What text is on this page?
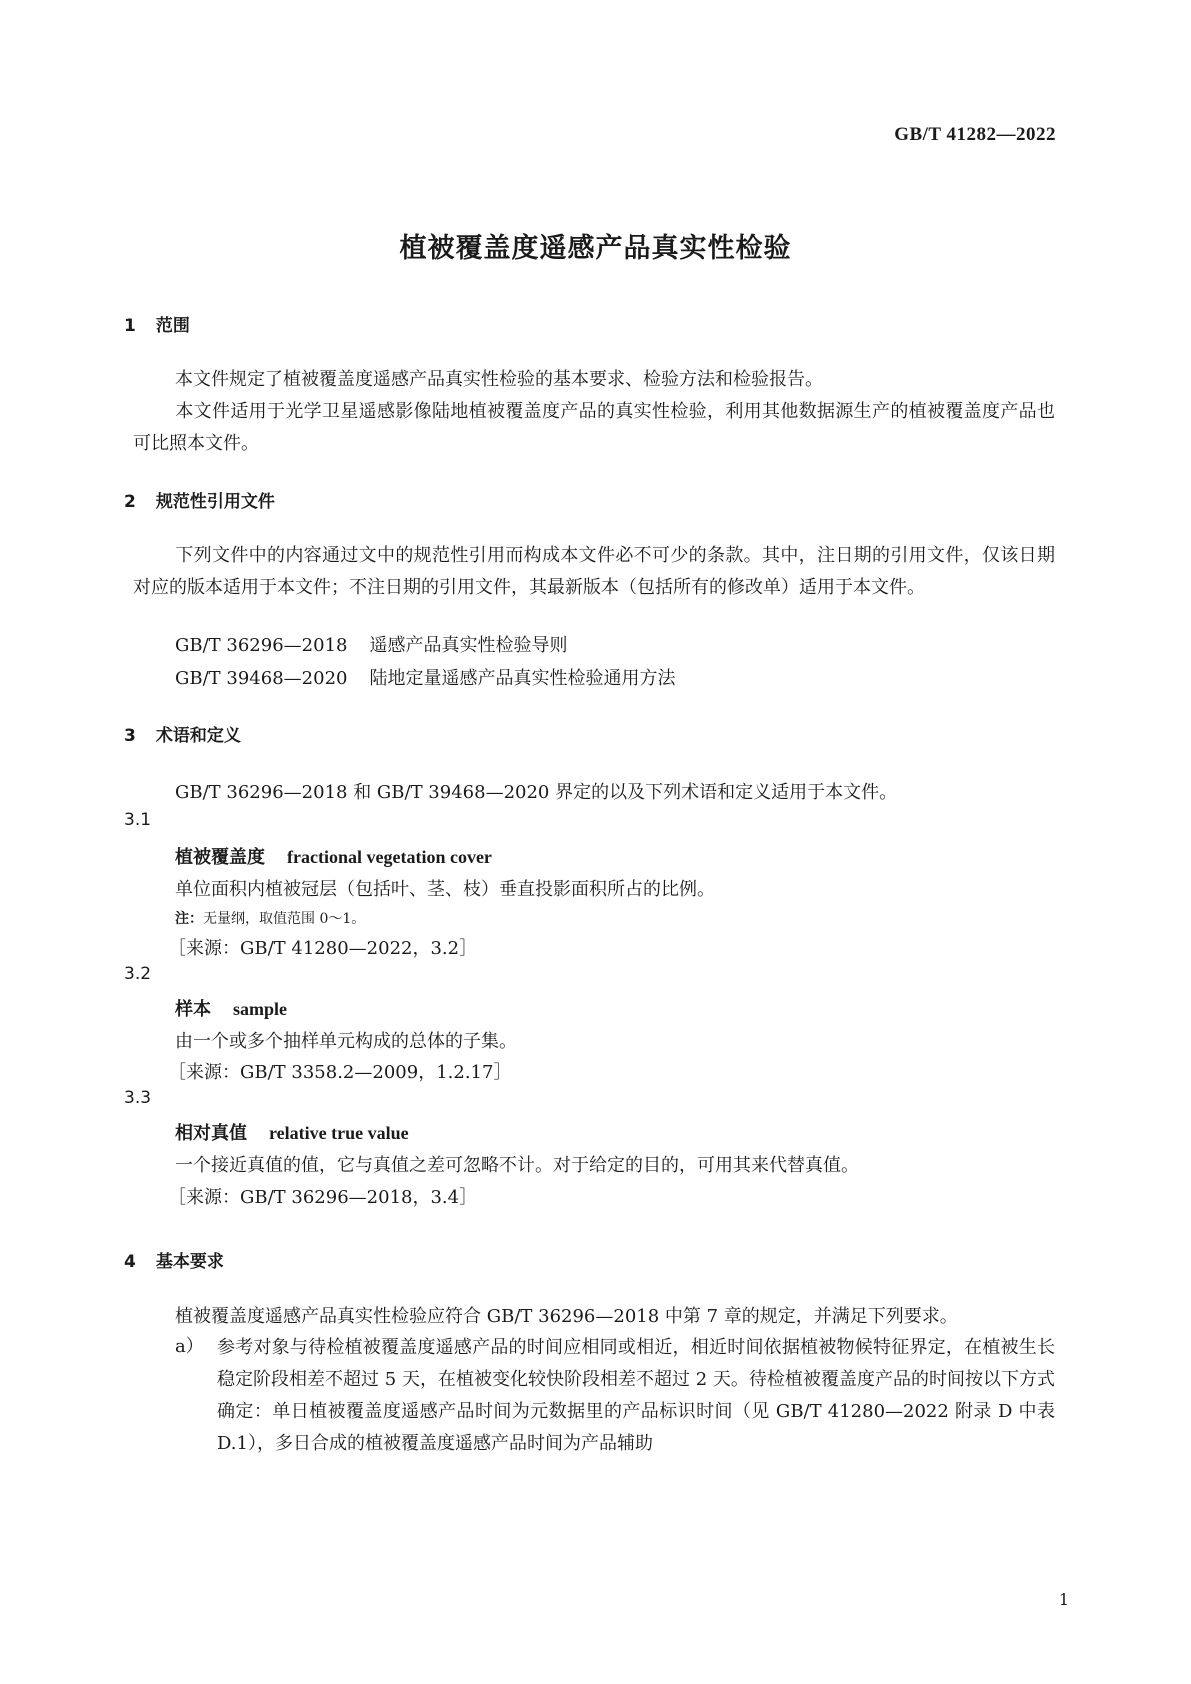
GB/T 41282—2022
植被覆盖度遥感产品真实性检验
1 范围
本文件规定了植被覆盖度遥感产品真实性检验的基本要求、检验方法和检验报告。
本文件适用于光学卫星遥感影像陆地植被覆盖度产品的真实性检验，利用其他数据源生产的植被覆盖度产品也可比照本文件。
2 规范性引用文件
下列文件中的内容通过文中的规范性引用而构成本文件必不可少的条款。其中，注日期的引用文件，仅该日期对应的版本适用于本文件；不注日期的引用文件，其最新版本（包括所有的修改单）适用于本文件。
GB/T 36296—2018 遥感产品真实性检验导则
GB/T 39468—2020 陆地定量遥感产品真实性检验通用方法
3 术语和定义
GB/T 36296—2018 和 GB/T 39468—2020 界定的以及下列术语和定义适用于本文件。
3.1
植被覆盖度 fractional vegetation cover
单位面积内植被冠层（包括叶、茎、枝）垂直投影面积所占的比例。
注：无量纲，取值范围 0～1。
［来源：GB/T 41280—2022，3.2］
3.2
样本 sample
由一个或多个抽样单元构成的总体的子集。
［来源：GB/T 3358.2—2009，1.2.17］
3.3
相对真值 relative true value
一个接近真值的值，它与真值之差可忽略不计。对于给定的目的，可用其来代替真值。
［来源：GB/T 36296—2018，3.4］
4 基本要求
植被覆盖度遥感产品真实性检验应符合 GB/T 36296—2018 中第 7 章的规定，并满足下列要求。
a） 参考对象与待检植被覆盖度遥感产品的时间应相同或相近，相近时间依据植被物候特征界定，在植被生长稳定阶段相差不超过 5 天，在植被变化较快阶段相差不超过 2 天。待检植被覆盖度产品的时间按以下方式确定：单日植被覆盖度遥感产品时间为元数据里的产品标识时间（见 GB/T 41280—2022 附录 D 中表 D.1），多日合成的植被覆盖度遥感产品时间为产品辅助
1
